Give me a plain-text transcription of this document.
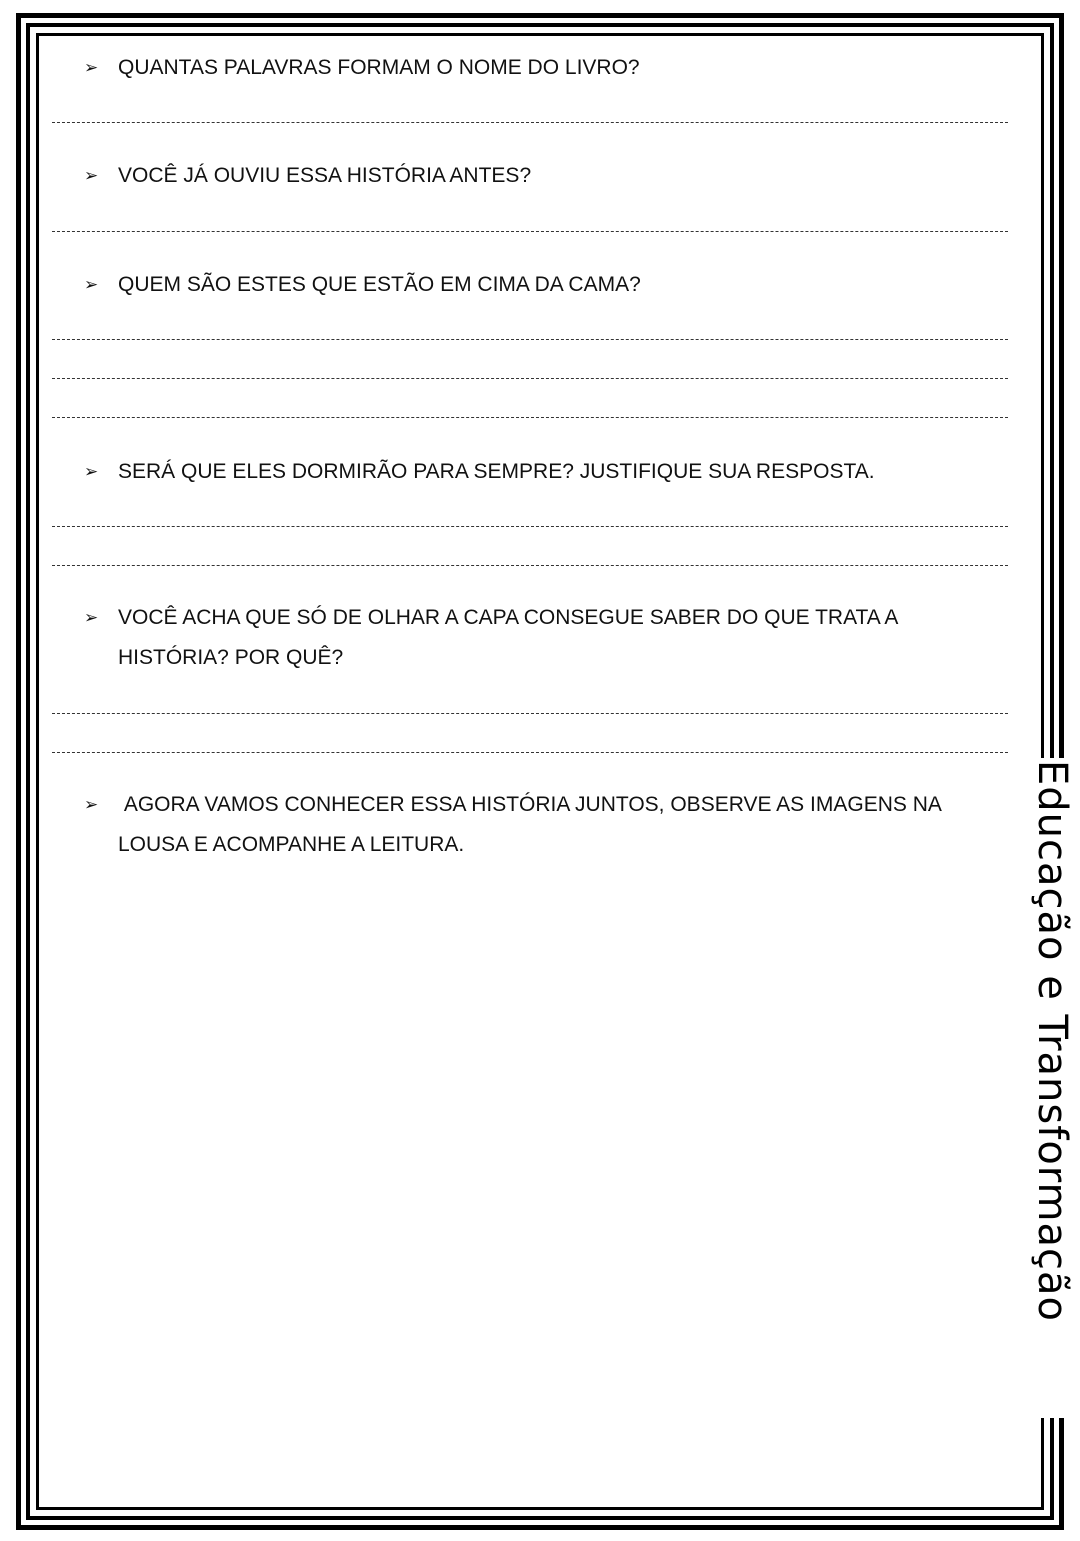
Educação e Transformação
➢ QUANTAS PALAVRAS FORMAM O NOME DO LIVRO?
➢ VOCÊ JÁ OUVIU ESSA HISTÓRIA ANTES?
➢ QUEM SÃO ESTES QUE ESTÃO EM CIMA DA CAMA?
➢ SERÁ QUE ELES DORMIRÃO PARA SEMPRE? JUSTIFIQUE SUA RESPOSTA.
➢ VOCÊ ACHA QUE SÓ DE OLHAR A CAPA CONSEGUE SABER DO QUE TRATA A HISTÓRIA? POR QUÊ?
➢ AGORA VAMOS CONHECER ESSA HISTÓRIA JUNTOS, OBSERVE AS IMAGENS NA LOUSA E ACOMPANHE A LEITURA.
